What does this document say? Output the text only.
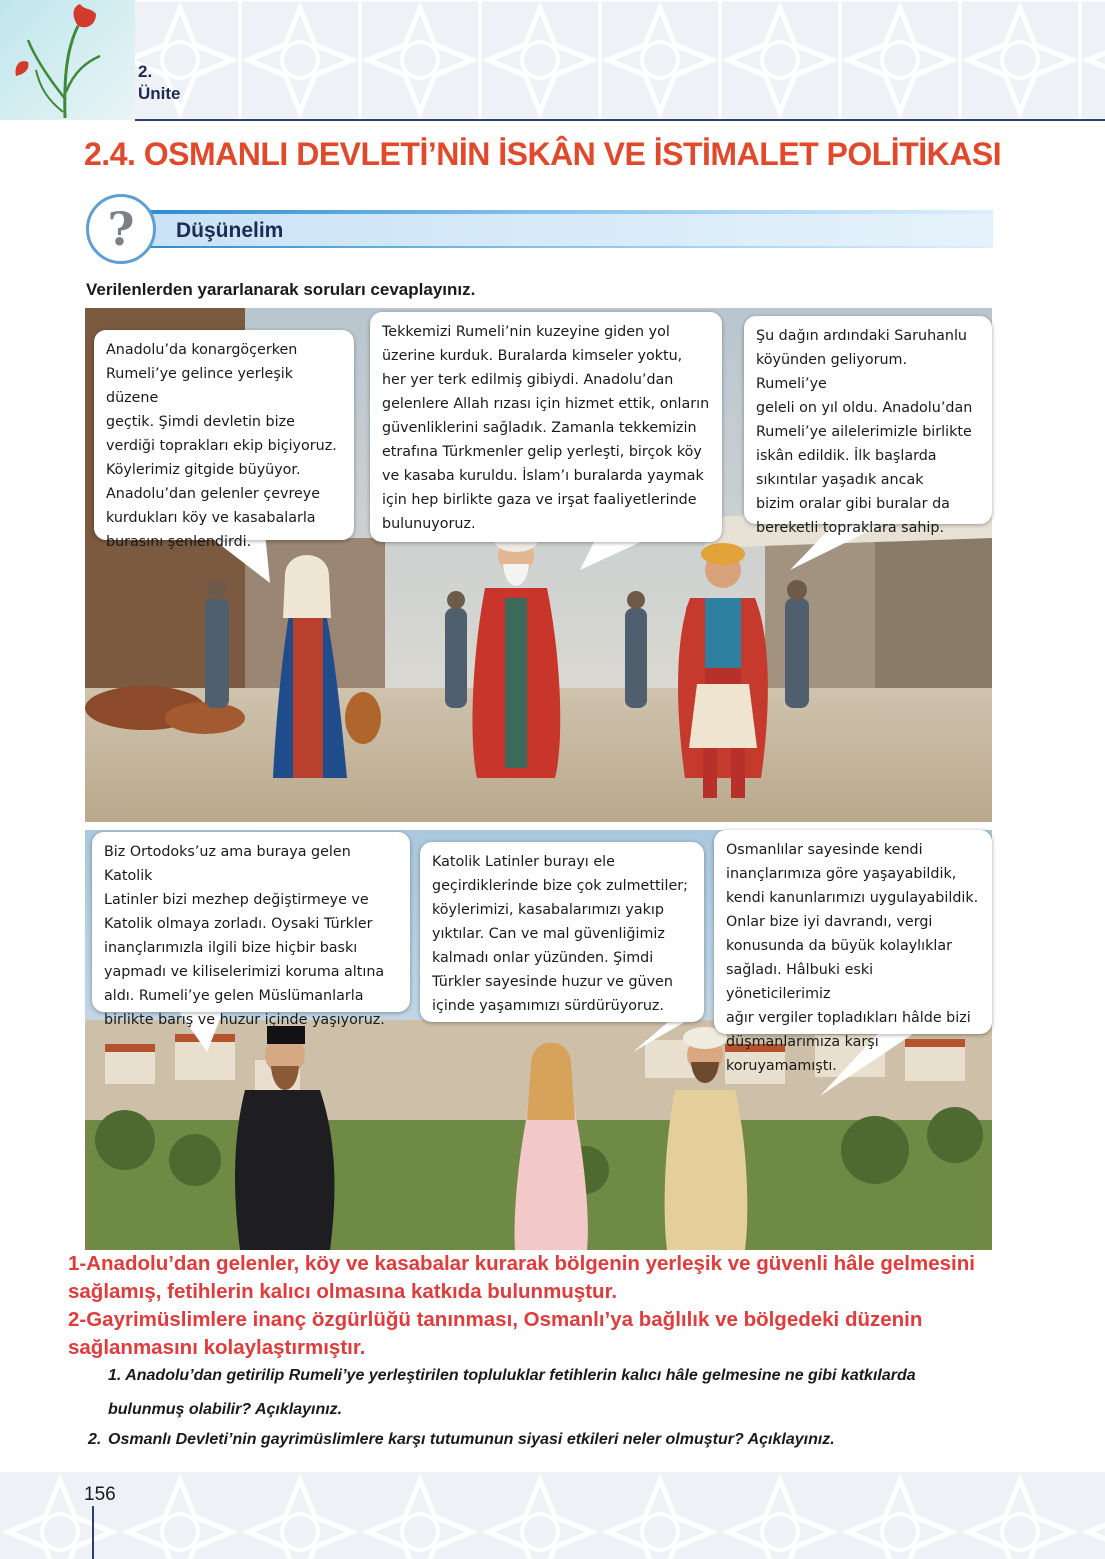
2.
Ünite
2.4. OSMANLI DEVLETİ’NİN İSKÂN VE İSTİMALET POLİTİKASI
?	Düşünelim
Verilenlerden yararlanarak soruları cevaplayınız.
Anadolu’da konargöçerken
Rumeli’ye gelince yerleşik düzene
geçtik. Şimdi devletin bize
verdiği toprakları ekip biçiyoruz.
Köylerimiz gitgide büyüyor.
Anadolu’dan gelenler çevreye
kurdukları köy ve kasabalarla
burasını şenlendirdi.
Tekkemizi Rumeli’nin kuzeyine giden yol
üzerine kurduk. Buralarda kimseler yoktu,
her yer terk edilmiş gibiydi. Anadolu’dan
gelenlere Allah rızası için hizmet ettik, onların
güvenliklerini sağladık. Zamanla tekkemizin
etrafına Türkmenler gelip yerleşti, birçok köy
ve kasaba kuruldu. İslam’ı buralarda yaymak
için hep birlikte gaza ve irşat faaliyetlerinde
bulunuyoruz.
Şu dağın ardındaki Saruhanlu
köyünden geliyorum. Rumeli’ye
geleli on yıl oldu. Anadolu’dan
Rumeli’ye ailelerimizle birlikte
iskân edildik. İlk başlarda
sıkıntılar yaşadık ancak
bizim oralar gibi buralar da
bereketli topraklara sahip.
Biz Ortodoks’uz ama buraya gelen Katolik
Latinler bizi mezhep değiştirmeye ve
Katolik olmaya zorladı. Oysaki Türkler
inançlarımızla ilgili bize hiçbir baskı
yapmadı ve kiliselerimizi koruma altına
aldı. Rumeli’ye gelen Müslümanlarla
birlikte barış ve huzur içinde yaşıyoruz.
Katolik Latinler burayı ele
geçirdiklerinde bize çok zulmettiler;
köylerimizi, kasabalarımızı yakıp
yıktılar. Can ve mal güvenliğimiz
kalmadı onlar yüzünden. Şimdi
Türkler sayesinde huzur ve güven
içinde yaşamımızı sürdürüyoruz.
Osmanlılar sayesinde kendi
inançlarımıza göre yaşayabildik,
kendi kanunlarımızı uygulayabildik.
Onlar bize iyi davrandı, vergi
konusunda da büyük kolaylıklar
sağladı. Hâlbuki eski yöneticilerimiz
ağır vergiler topladıkları hâlde bizi
düşmanlarımıza karşı koruyamamıştı.
1-Anadolu’dan gelenler, köy ve kasabalar kurarak bölgenin yerleşik ve güvenli hâle gelmesini
sağlamış, fetihlerin kalıcı olmasına katkıda bulunmuştur.
2-Gayrimüslimlere inanç özgürlüğü tanınması, Osmanlı’ya bağlılık ve bölgedeki düzenin
sağlanmasını kolaylaştırmıştır.
1. Anadolu’dan getirilip Rumeli’ye yerleştirilen topluluklar fetihlerin kalıcı hâle gelmesine ne gibi katkılarda
bulunmuş olabilir? Açıklayınız.
2. Osmanlı Devleti’nin gayrimüslimlere karşı tutumunun siyasi etkileri neler olmuştur? Açıklayınız.
156
